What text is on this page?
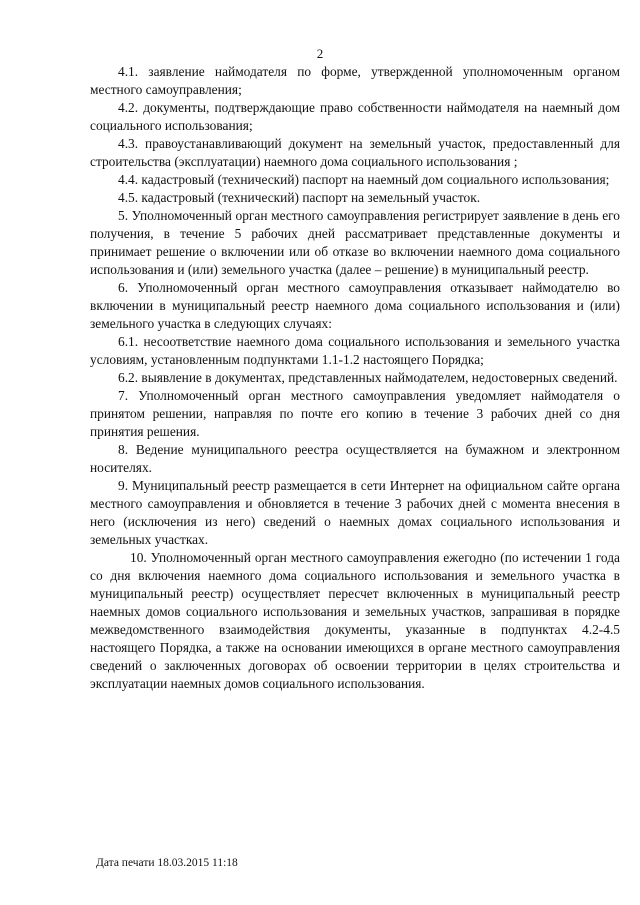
2

4.1. заявление наймодателя по форме, утвержденной уполномоченным органом местного самоуправления;

4.2. документы, подтверждающие право собственности наймодателя на наемный дом социального использования;

4.3. правоустанавливающий документ на земельный участок, предоставленный для строительства (эксплуатации) наемного дома социального использования ;

4.4. кадастровый (технический) паспорт на наемный дом социального использования;

4.5. кадастровый (технический) паспорт на земельный участок.

5. Уполномоченный орган местного самоуправления регистрирует заявление в день его получения, в течение 5 рабочих дней рассматривает представленные документы и принимает решение о включении или об отказе во включении наемного дома социального использования и (или) земельного участка (далее – решение) в муниципальный реестр.

6. Уполномоченный орган местного самоуправления отказывает наймодателю во включении в муниципальный реестр наемного дома социального использования и (или) земельного участка в следующих случаях:

6.1. несоответствие наемного дома социального использования и земельного участка условиям, установленным подпунктами 1.1-1.2 настоящего Порядка;

6.2. выявление в документах, представленных наймодателем, недостоверных сведений.

7. Уполномоченный орган местного самоуправления уведомляет наймодателя о принятом решении, направляя по почте его копию в течение 3 рабочих дней со дня принятия решения.

8. Ведение муниципального реестра осуществляется на бумажном и электронном носителях.

9. Муниципальный реестр размещается в сети Интернет на официальном сайте органа местного самоуправления и обновляется в течение 3 рабочих дней с момента внесения в него (исключения из него) сведений о наемных домах социального использования и земельных участках.

10. Уполномоченный орган местного самоуправления ежегодно (по истечении 1 года со дня включения наемного дома социального использования и земельного участка в муниципальный реестр) осуществляет пересчет включенных в муниципальный реестр наемных домов социального использования и земельных участков, запрашивая в порядке межведомственного взаимодействия документы, указанные в подпунктах 4.2-4.5 настоящего Порядка, а также на основании имеющихся в органе местного самоуправления сведений о заключенных договорах об освоении территории в целях строительства и эксплуатации наемных домов социального использования.

Дата печати 18.03.2015 11:18
